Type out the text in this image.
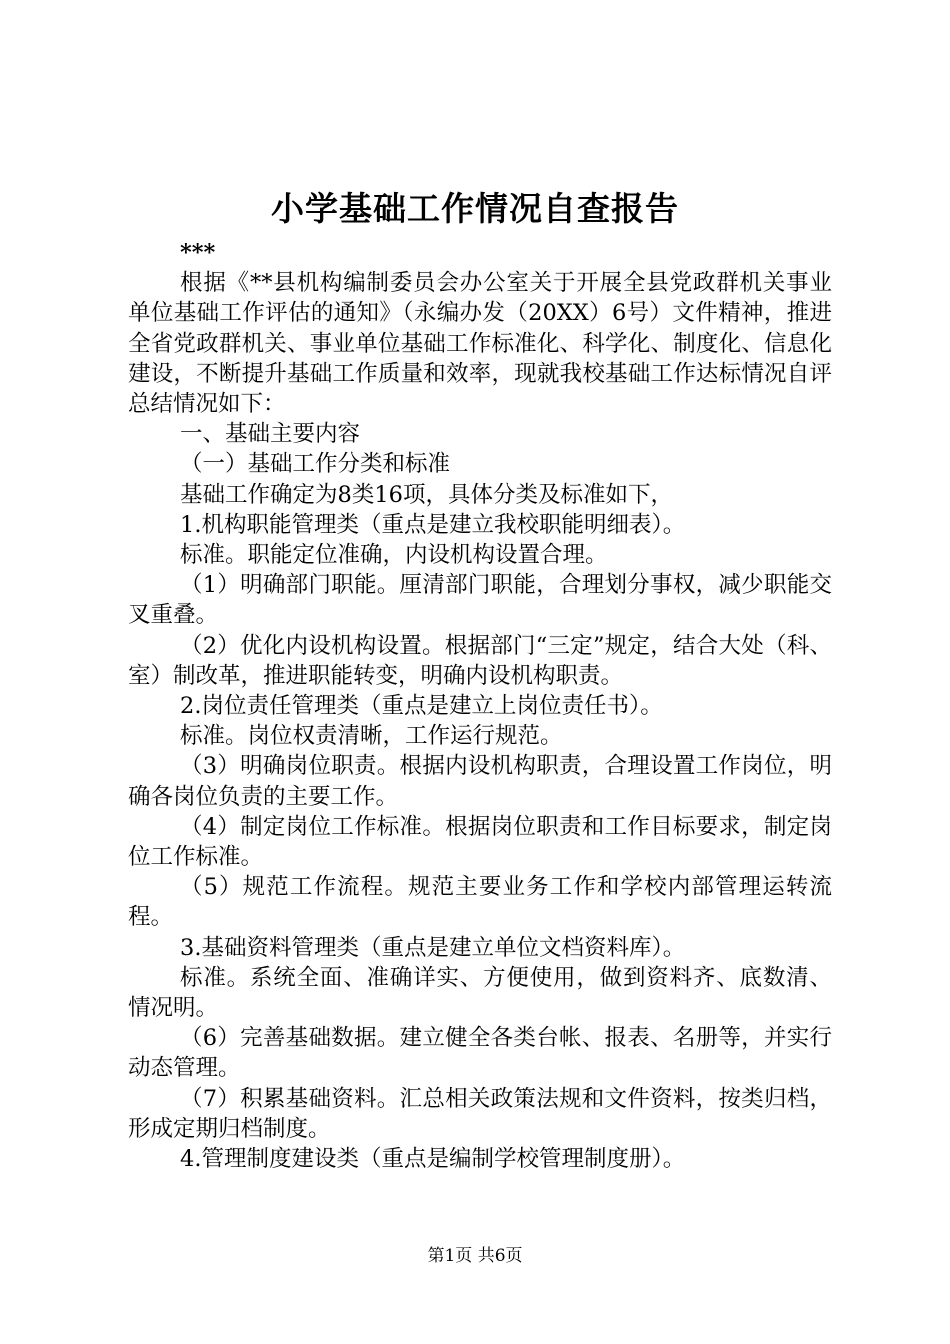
小学基础工作情况自查报告

***

根据《**县机构编制委员会办公室关于开展全县党政群机关事业单位基础工作评估的通知》（永编办发（20XX）6号）文件精神，推进全省党政群机关、事业单位基础工作标准化、科学化、制度化、信息化建设，不断提升基础工作质量和效率，现就我校基础工作达标情况自评总结情况如下：

一、基础主要内容

（一）基础工作分类和标准

基础工作确定为8类16项，具体分类及标准如下，

1.机构职能管理类（重点是建立我校职能明细表）。

标准。职能定位准确，内设机构设置合理。

（1）明确部门职能。厘清部门职能，合理划分事权，减少职能交叉重叠。

（2）优化内设机构设置。根据部门“三定”规定，结合大处（科、室）制改革，推进职能转变，明确内设机构职责。

2.岗位责任管理类（重点是建立上岗位责任书）。

标准。岗位权责清晰，工作运行规范。

（3）明确岗位职责。根据内设机构职责，合理设置工作岗位，明确各岗位负责的主要工作。

（4）制定岗位工作标准。根据岗位职责和工作目标要求，制定岗位工作标准。

（5）规范工作流程。规范主要业务工作和学校内部管理运转流程。

3.基础资料管理类（重点是建立单位文档资料库）。

标准。系统全面、准确详实、方便使用，做到资料齐、底数清、情况明。

（6）完善基础数据。建立健全各类台帐、报表、名册等，并实行动态管理。

（7）积累基础资料。汇总相关政策法规和文件资料，按类归档，形成定期归档制度。

4.管理制度建设类（重点是编制学校管理制度册）。

第1页 共6页
